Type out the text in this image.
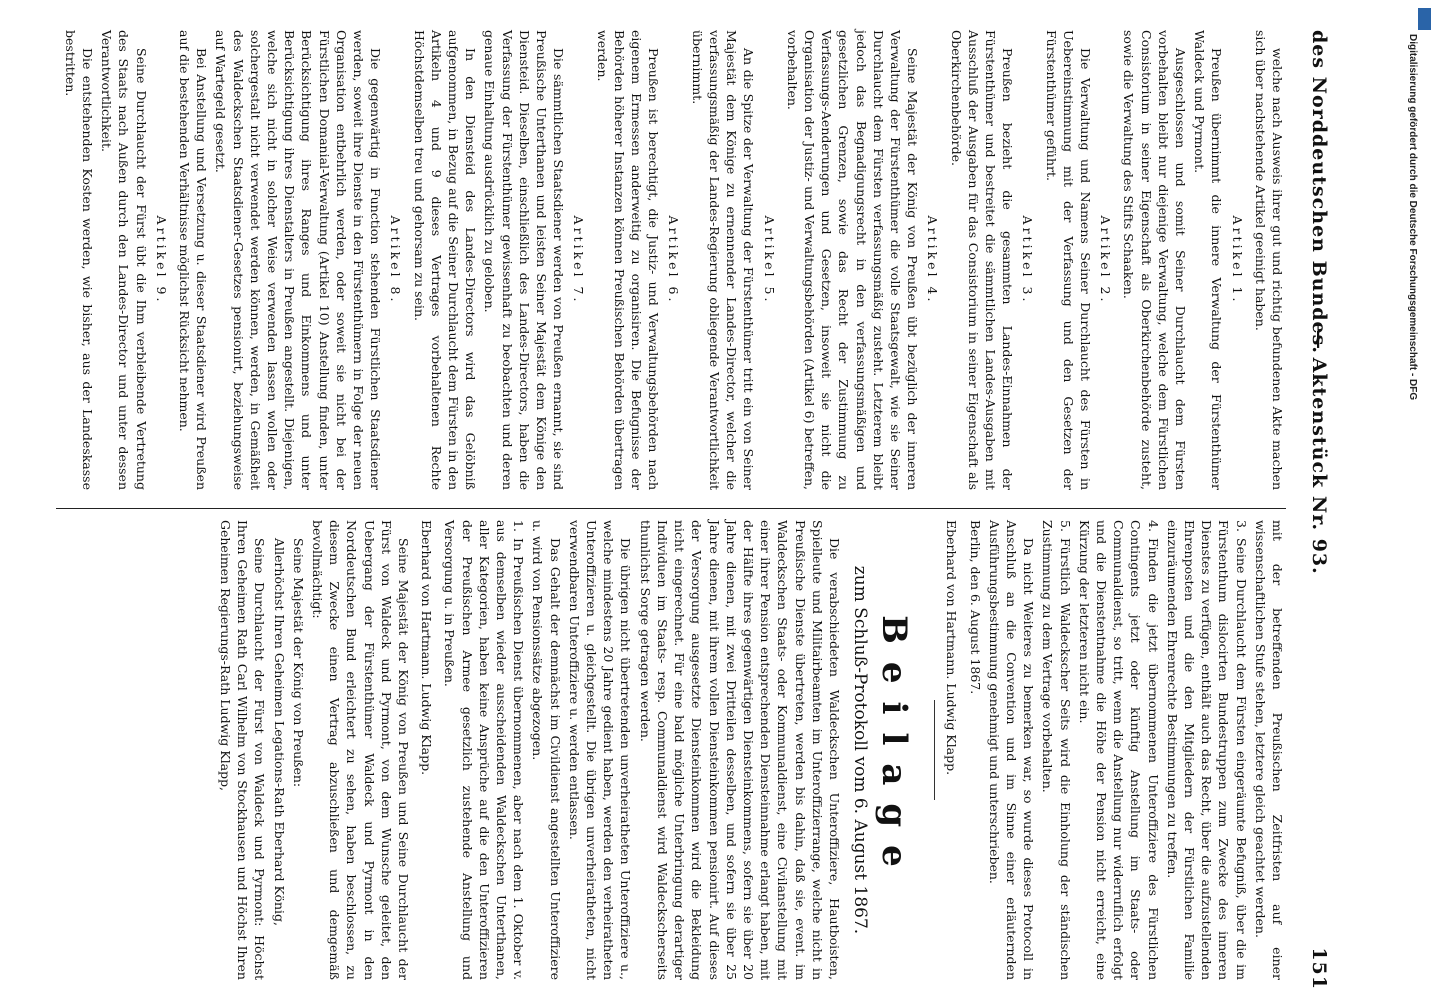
des Norddeutschen Bundes.
— Aktenstück Nr. 93.
151

mit der betreffenden Preußischen Zeitfristen auf einer wissenschaftlichen Stufe stehen, letztere gleich geachtet werden.

3.Seine Durchlaucht dem Fürsten eingeräumte Befugniß, über die im Fürstenthum dislocirten Bundestruppen zum Zwecke des inneren Dienstes zu verfügen, enthält auch das Recht, über die aufzustellenden Ehrenposten und die den Mitgliedern der Fürstlichen Familie einzuräumenden Ehrenrechte Bestimmungen zu treffen.

4.Finden die jetzt übernommenen Unteroffiziere des Fürstlichen Contingents jetzt oder künftig Anstellung im Staats- oder Communaldienst, so tritt, wenn die Anstellung nur widerruflich erfolgt und die Dienstentnahme die Höhe der Pension nicht erreicht, eine Kürzung der letzteren nicht ein.

5.Fürstlich Waldeckscher Seits wird die Einholung der ständischen Zustimmung zu dem Vertrage vorbehalten.

Da nicht Weiteres zu bemerken war, so wurde dieses Protocoll in Anschluß an die Convention und im Sinne einer erläuternden Ausführungsbestimmung genehmigt und unterschrieben.

Berlin, den 6. August 1867.

Eberhard von Hartmann. Ludwig Klapp.

Beilage

zum Schluß-Protokoll vom 6. August 1867.

Die verabschiedeten Waldeckschen Unteroffiziere, Hautboisten, Spielleute und Militairbeamten im Unteroffizierrange, welche nicht in Preußische Dienste übertreten, werden bis dahin, daß sie, event. im Waldeckschen Staats- oder Kommunaldienst, eine Civilanstellung mit einer ihrer Pension entsprechenden Diensteinnahme erlangt haben, mit der Hälfte ihres gegenwärtigen Diensteinkommens, sofern sie über 20 Jahre dienen, mit zwei Dritteilen desselben, und sofern sie über 25 Jahre dienen, mit ihrem vollen Diensteinkommen pensionirt. Auf dieses der Versorgung ausgesetzte Diensteinkommen wird die Bekleidung nicht eingerechnet. Für eine bald mögliche Unterbringung derartiger Individuen im Staats- resp. Communaldienst wird Waldeckscherseits thunlichst Sorge getragen werden.

Die übrigen nicht übertretenden unverheiratheten Unteroffiziere u., welche mindestens 20 Jahre gedient haben, werden den verheiratheten Unteroffizieren u. gleichgestellt. Die übrigen unverheiratheten, nicht verwendbaren Unteroffiziere u. werden entlassen.

Das Gehalt der demnächst im Civildienst angestellten Unteroffiziere u. wird von Pensionssätze abgezogen.

1.In Preußischen Dienst übernommenen, aber nach dem 1. Oktober v. aus demselben wieder ausscheidenden Waldeckschen Unterthanen, aller Kategorien, haben keine Ansprüche auf die den Unteroffizieren der Preußischen Armee gesetzlich zustehende Anstellung und Versorgung u. in Preußen.

Eberhard von Hartmann. Ludwig Klapp.

Seine Majestät der König von Preußen und Seine Durchlaucht der Fürst von Waldeck und Pyrmont, von dem Wunsche geleitet, den Uebergang der Fürstenthümer Waldeck und Pyrmont in den Norddeutschen Bund erleichtert zu sehen, haben beschlossen, zu diesem Zwecke einen Vertrag abzuschließen und demgemäß bevollmächtigt:

Seine Majestät der König von Preußen:

Allerhöchst Ihren Geheimen Legations-Rath Eberhard König,

Seine Durchlaucht der Fürst von Waldeck und Pyrmont: Höchst Ihren Geheimen Rath Carl Wilhelm von Stockhausen und Höchst Ihren Geheimen Regierungs-Rath Ludwig Klapp,

welche nach Ausweis ihrer gut und richtig befundenen Akte machen sich über nachstehende Artikel geeinigt haben.

Artikel 1.

Preußen übernimmt die innere Verwaltung der Fürstenthümer Waldeck und Pyrmont.

Ausgeschlossen und somit Seiner Durchlaucht dem Fürsten vorbehalten bleibt nur diejenige Verwaltung, welche dem Fürstlichen Consistorium in seiner Eigenschaft als Oberkirchenbehörde zusteht, sowie die Verwaltung des Stifts Schaaken.

Artikel 2.

Die Verwaltung und Namens Seiner Durchlaucht des Fürsten in Uebereinstimmung mit der Verfassung und den Gesetzen der Fürstenthümer geführt.

Artikel 3.

Preußen bezieht die gesammten Landes-Einnahmen der Fürstenthümer und bestreitet die sämmtlichen Landes-Ausgaben mit Ausschluß der Ausgaben für das Consistorium in seiner Eigenschaft als Oberkirchenbehörde.

Artikel 4.

Seine Majestät der König von Preußen übt bezüglich der inneren Verwaltung der Fürstenthümer die volle Staatsgewalt, wie sie Seiner Durchlaucht dem Fürsten verfassungsmäßig zusteht. Letzterem bleibt jedoch das Begnadigungsrecht in den verfassungsmäßigen und gesetzlichen Grenzen, sowie das Recht der Zustimmung zu Verfassungs-Aenderungen und Gesetzen, insoweit sie nicht die Organisation der Justiz- und Verwaltungsbehörden (Artikel 6) betreffen, vorbehalten.

Artikel 5.

An die Spitze der Verwaltung der Fürstenthümer tritt ein von Seiner Majestät dem Könige zu ernennender Landes-Director, welcher die verfassungsmäßig der Landes-Regierung obliegende Verantwortlichkeit übernimmt.

Artikel 6.

Preußen ist berechtigt, die Justiz- und Verwaltungsbehörden nach eigenem Ermessen anderweitig zu organisiren. Die Befugnisse der Behörden höherer Instanzen können Preußischen Behörden übertragen werden.

Artikel 7.

Die sämmtlichen Staatsdiener werden von Preußen ernannt, sie sind Preußische Unterthanen und leisten Seiner Majestät dem Könige den Diensteid. Dieselben, einschließlich des Landes-Directors, haben die Verfassung der Fürstenthümer gewissenhaft zu beobachten und deren genaue Einhaltung ausdrücklich zu geloben.

In den Diensteid des Landes-Directors wird das Gelöbniß aufgenommen, in Bezug auf die Seiner Durchlaucht dem Fürsten in den Artikeln 4 und 9 dieses Vertrages vorbehaltenen Rechte Höchstdemselben treu und gehorsam zu sein.

Artikel 8.

Die gegenwärtig in Function stehenden Fürstlichen Staatsdiener werden, soweit ihre Dienste in den Fürstenthümern in Folge der neuen Organisation entbehrlich werden, oder soweit sie nicht bei der Fürstlichen Domanial-Verwaltung (Artikel 10) Anstellung finden, unter Berücksichtigung ihres Ranges und Einkommens und unter Berücksichtigung ihres Dienstalters in Preußen angestellt. Diejenigen, welche sich nicht in solcher Weise verwenden lassen wollen oder solchergestalt nicht verwendet werden können, werden, in Gemäßheit des Waldeckschen Staatsdiener-Gesetzes pensionirt, beziehungsweise auf Wartegeld gesetzt.

Bei Anstellung und Versetzung u. dieser Staatsdiener wird Preußen auf die bestehenden Verhältnisse möglichst Rücksicht nehmen.

Artikel 9.

Seine Durchlaucht der Fürst übt die Ihm verbleibende Vertretung des Staats nach Außen durch den Landes-Director und unter dessen Verantwortlichkeit.

Die entstehenden Kosten werden, wie bisher, aus der Landeskasse bestritten.	Digitalisierung gefördert durch die Deutsche Forschungsgemeinschaft - DFG
